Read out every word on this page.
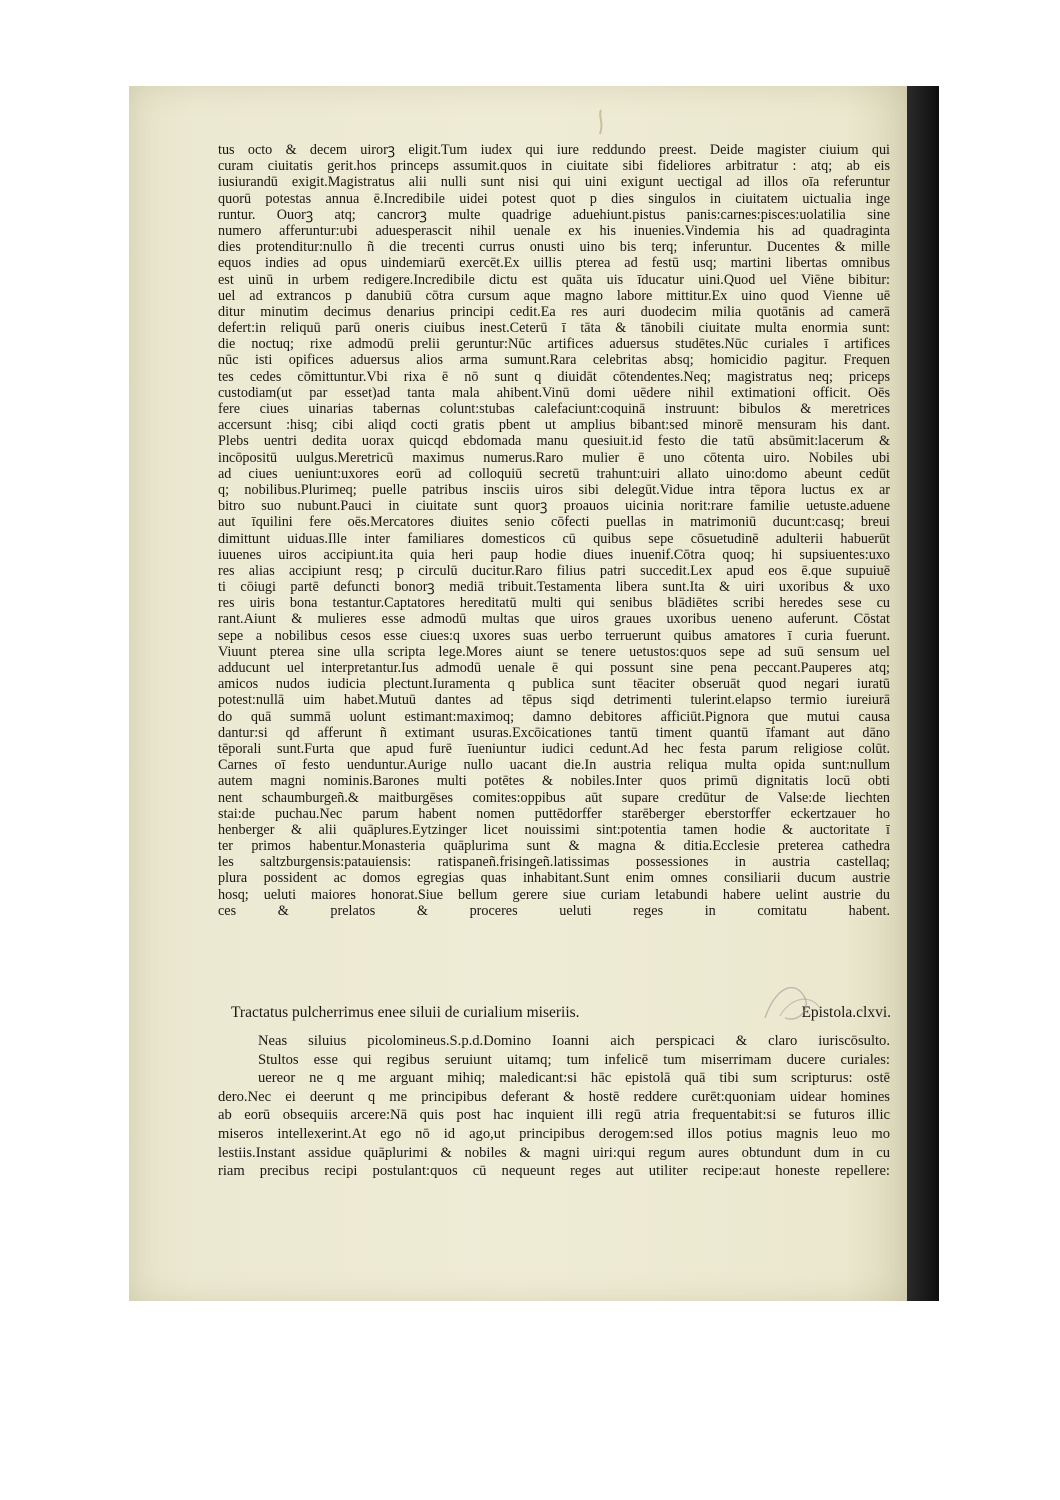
tus octo & decem uirorꝫ eligit.Tum iudex qui iure reddundo preest. Deide magister ciuium qui
curam ciuitatis gerit.hos princeps assumit.quos in ciuitate sibi fideliores arbitratur : atq; ab eis
iusiurandū exigit.Magistratus alii nulli sunt nisi qui uini exigunt uectigal ad illos oīa referuntur
quorū potestas annua ē.Incredibile uidei potest quot p dies singulos in ciuitatem uictualia inge
runtur. Ouorꝫ atq; cancrorꝫ multe quadrige aduehiunt.pistus panis:carnes:pisces:uolatilia sine
numero afferuntur:ubi aduesperascit nihil uenale ex his inuenies.Vindemia his ad quadraginta
dies protenditur:nullo ñ die trecenti currus onusti uino bis terq; inferuntur. Ducentes & mille
equos indies ad opus uindemiarū exercēt.Ex uillis pterea ad festū usq; martini libertas omnibus
est uinū in urbem redigere.Incredibile dictu est quāta uis īducatur uini.Quod uel Viēne bibitur:
uel ad extrancos p danubiū cōtra cursum aque magno labore mittitur.Ex uino quod Vienne uē
ditur minutim decimus denarius principi cedit.Ea res auri duodecim milia quotānis ad camerā
defert:in reliquū parū oneris ciuibus inest.Ceterū ī tāta & tānobili ciuitate multa enormia sunt:
die noctuq; rixe admodū prelii geruntur:Nūc artifices aduersus studētes.Nūc curiales ī artifices
nūc isti opifices aduersus alios arma sumunt.Rara celebritas absq; homicidio pagitur. Frequen
tes cedes cōmittuntur.Vbi rixa ē nō sunt q diuidāt cōtendentes.Neq; magistratus neq; priceps
custodiam(ut par esset)ad tanta mala ahibent.Vinū domi uēdere nihil extimationi officit. Oēs
fere ciues uinarias tabernas colunt:stubas calefaciunt:coquinā instruunt: bibulos & meretrices
accersunt :hisq; cibi aliqd cocti gratis pbent ut amplius bibant:sed minorē mensuram his dant.
Plebs uentri dedita uorax quicqd ebdomada manu quesiuit.id festo die tatū absūmit:lacerum &
incōpositū uulgus.Meretricū maximus numerus.Raro mulier ē uno cōtenta uiro. Nobiles ubi
ad ciues ueniunt:uxores eorū ad colloquiū secretū trahunt:uiri allato uino:domo abeunt cedūt
q; nobilibus.Plurimeq; puelle patribus insciis uiros sibi delegūt.Vidue intra tēpora luctus ex ar
bitro suo nubunt.Pauci in ciuitate sunt quorꝫ proauos uicinia norit:rare familie uetuste.aduene
aut īquilini fere oēs.Mercatores diuites senio cōfecti puellas in matrimoniū ducunt:casq; breui
dimittunt uiduas.Ille inter familiares domesticos cū quibus sepe cōsuetudinē adulterii habuerūt
iuuenes uiros accipiunt.ita quia heri paup hodie diues inuenif.Cōtra quoq; hi supsiuentes:uxo
res alias accipiunt resq; p circulū ducitur.Raro filius patri succedit.Lex apud eos ē.que supuiuē
ti cōiugi partē defuncti bonorꝫ mediā tribuit.Testamenta libera sunt.Ita & uiri uxoribus & uxo
res uiris bona testantur.Captatores hereditatū multi qui senibus blādiētes scribi heredes sese cu
rant.Aiunt & mulieres esse admodū multas que uiros graues uxoribus ueneno auferunt. Cōstat
sepe a nobilibus cesos esse ciues:q uxores suas uerbo terruerunt quibus amatores ī curia fuerunt.
Viuunt pterea sine ulla scripta lege.Mores aiunt se tenere uetustos:quos sepe ad suū sensum uel
adducunt uel interpretantur.Ius admodū uenale ē qui possunt sine pena peccant.Pauperes atq;
amicos nudos iudicia plectunt.Iuramenta q publica sunt tēaciter obseruāt quod negari iuratū
potest:nullā uim habet.Mutuū dantes ad tēpus siqd detrimenti tulerint.elapso termio iureiurā
do quā summā uolunt estimant:maximoq; damno debitores afficiūt.Pignora que mutui causa
dantur:si qd afferunt ñ extimant usuras.Excōicationes tantū timent quantū īfamant aut dāno
tēporali sunt.Furta que apud furē īueniuntur iudici cedunt.Ad hec festa parum religiose colūt.
Carnes oī festo uenduntur.Aurige nullo uacant die.In austria reliqua multa opida sunt:nullum
autem magni nominis.Barones multi potētes & nobiles.Inter quos primū dignitatis locū obti
nent schaumburgeñ.& maitburgēses comites:oppibus aūt supare credūtur de Valse:de liechten
stai:de puchau.Nec parum habent nomen puttēdorffer starēberger eberstorffer eckertzauer ho
henberger & alii quāplures.Eytzinger licet nouissimi sint:potentia tamen hodie & auctoritate ī
ter primos habentur.Monasteria quāplurima sunt & magna & ditia.Ecclesie preterea cathedra
les saltzburgensis:patauiensis: ratispaneñ.frisingeñ.latissimas possessiones in austria castellaq;
plura possident ac domos egregias quas inhabitant.Sunt enim omnes consiliarii ducum austrie
hosq; ueluti maiores honorat.Siue bellum gerere siue curiam letabundi habere uelint austrie du
ces & prelatos & proceres ueluti reges in comitatu habent.
Tractatus pulcherrimus enee siluii de curialium miseriis.	Epistola.clxvi.
Neas siluius picolomineus.S.p.d.Domino Ioanni aich perspicaci & claro iuriscōsulto.
Stultos esse qui regibus seruiunt uitamq; tum infelicē tum miserrimam ducere curiales:
uereor ne q me arguant mihiq; maledicant:si hāc epistolā quā tibi sum scripturus: ostē
dero.Nec ei deerunt q me principibus deferant & hostē reddere curēt:quoniam uidear homines
ab eorū obsequiis arcere:Nā quis post hac inquient illi regū atria frequentabit:si se futuros illic
miseros intellexerint.At ego nō id ago,ut principibus derogem:sed illos potius magnis leuo mo
lestiis.Instant assidue quāplurimi & nobiles & magni uiri:qui regum aures obtundunt dum in cu
riam precibus recipi postulant:quos cū nequeunt reges aut utiliter recipe:aut honeste repellere:
